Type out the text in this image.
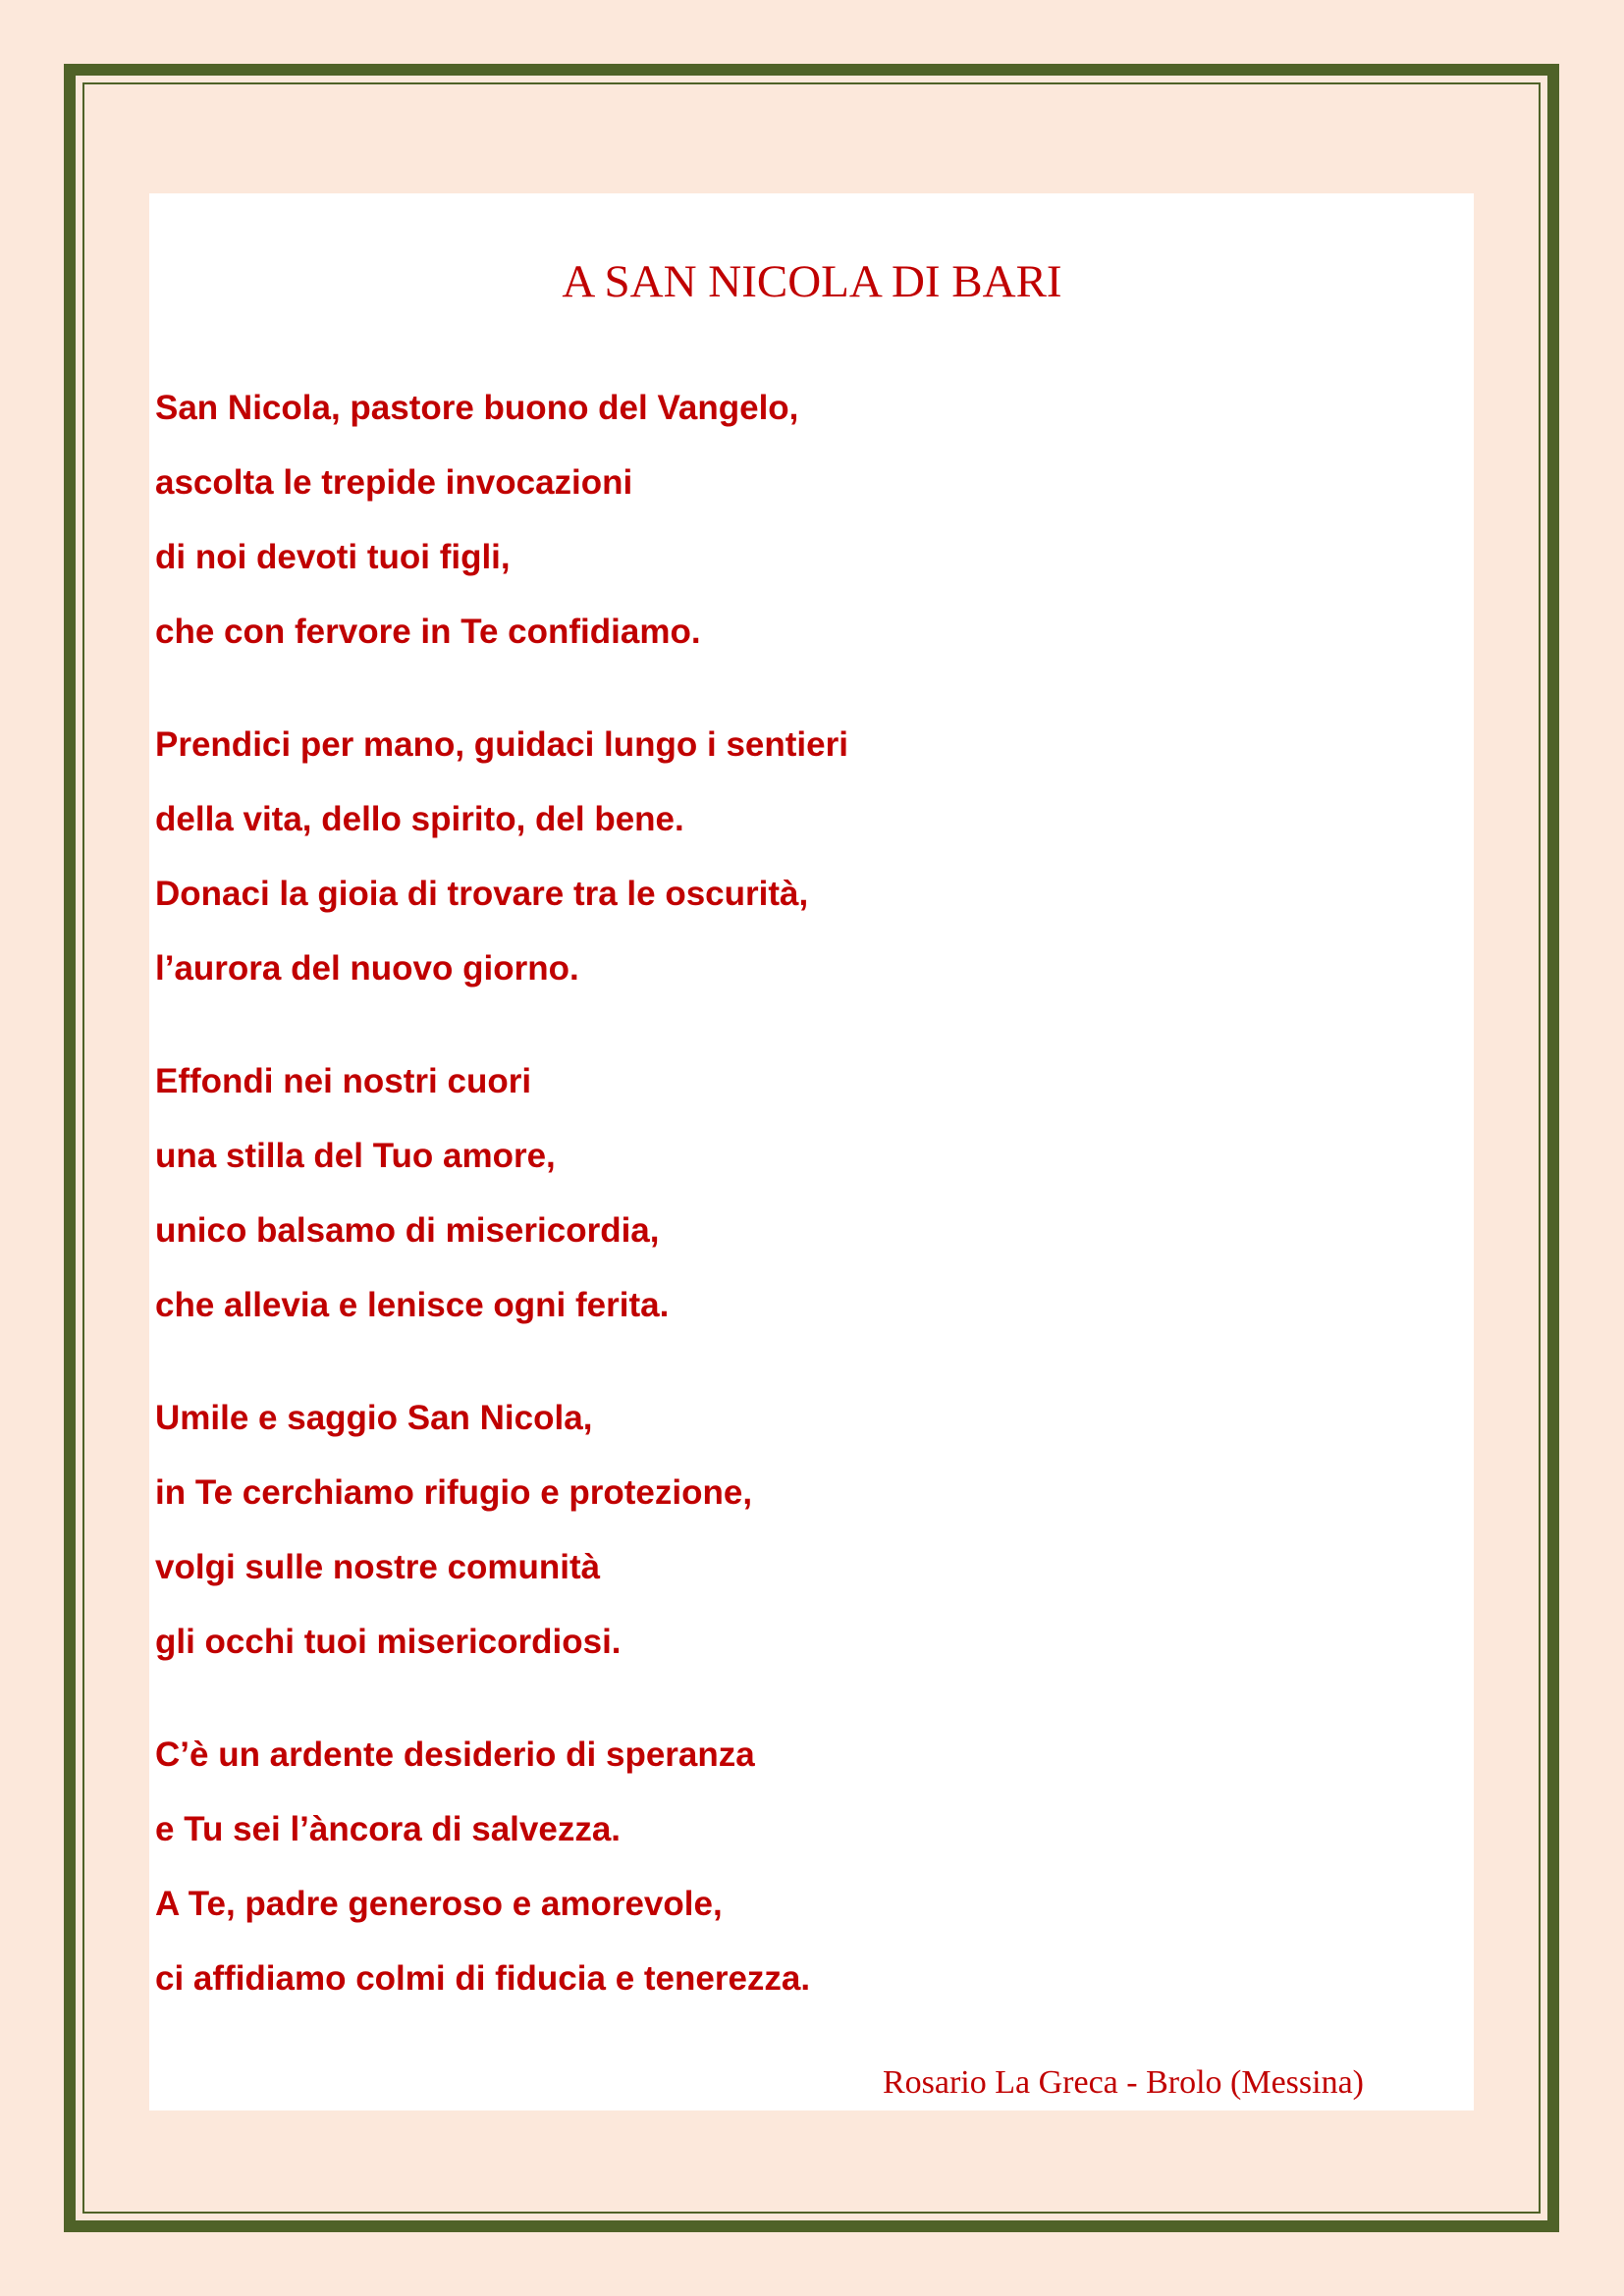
A SAN NICOLA DI BARI
San Nicola, pastore buono del Vangelo,
ascolta le trepide invocazioni
di noi devoti tuoi figli,
che con fervore in Te confidiamo.
Prendici per mano, guidaci lungo i sentieri
della vita, dello spirito, del bene.
Donaci la gioia di trovare tra le oscurità,
l’aurora del nuovo giorno.
Effondi nei nostri cuori
una stilla del Tuo amore,
unico balsamo di misericordia,
che allevia e lenisce ogni ferita.
Umile e saggio San Nicola,
in Te cerchiamo rifugio e protezione,
volgi sulle nostre comunità
gli occhi tuoi misericordiosi.
C’è un ardente desiderio di speranza
e Tu sei l’àncora di salvezza.
A Te, padre generoso e amorevole,
ci affidiamo colmi di fiducia e tenerezza.
Rosario La Greca - Brolo (Messina)
